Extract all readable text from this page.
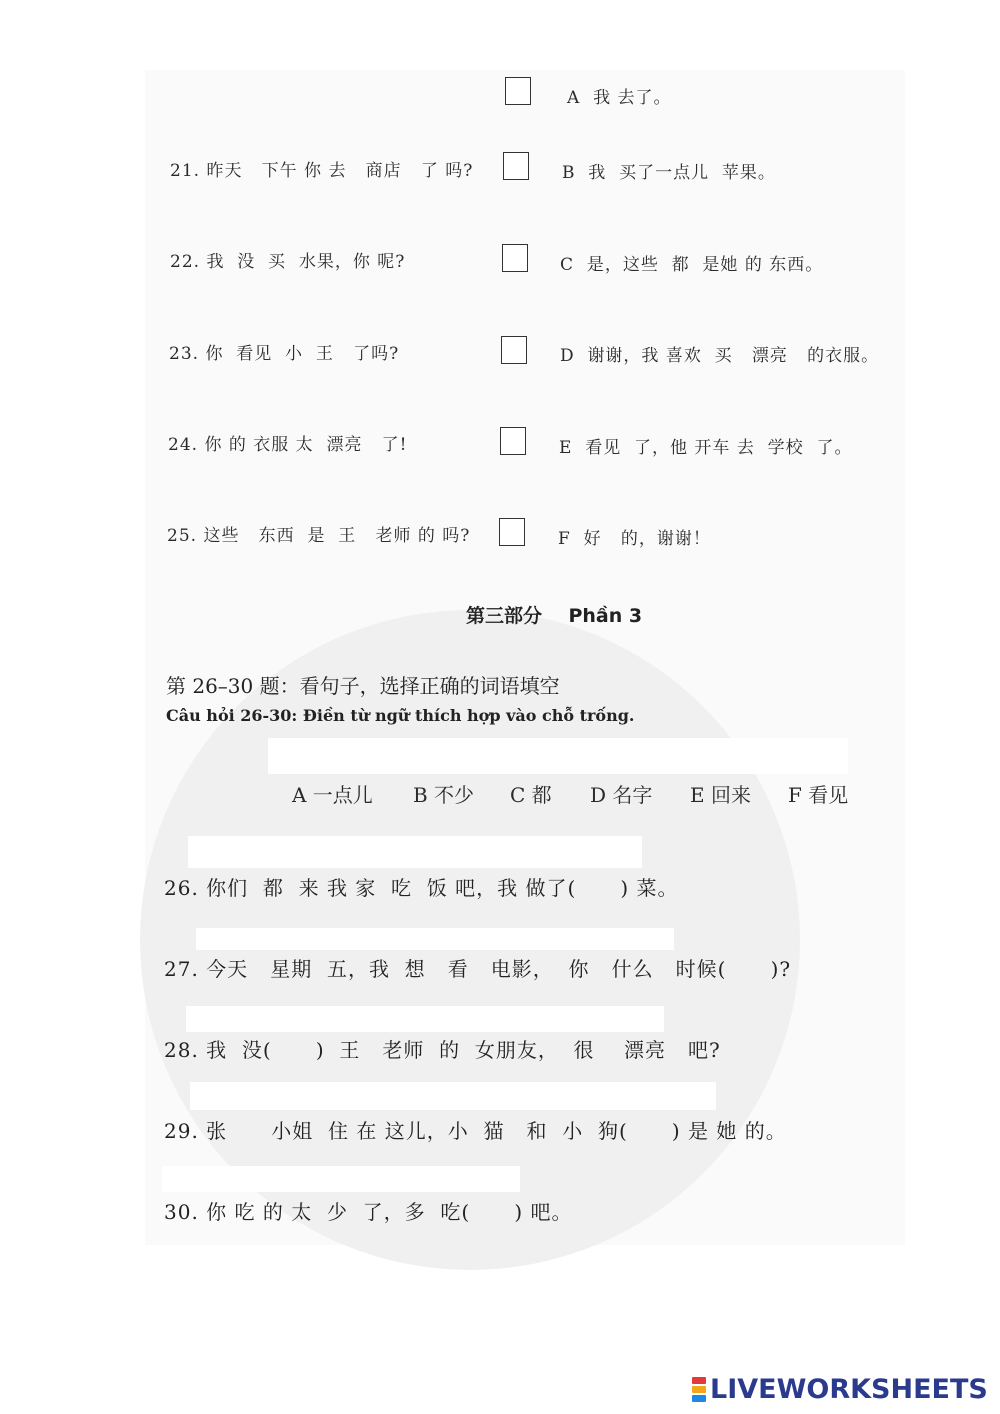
A  我 去了。
21. 昨天   下午 你 去   商店   了 吗?	B  我  买了一点儿  苹果。
22. 我  没  买  水果，你 呢?	C  是，这些  都  是她 的 东西。
23. 你  看见  小  王   了吗?	D  谢谢，我 喜欢  买   漂亮   的衣服。
24. 你 的 衣服 太  漂亮   了!	E  看见  了，他 开车 去  学校  了。
25. 这些   东西  是  王   老师 的 吗?	F  好   的，谢谢！
第三部分    Phần 3
第 26–30 题：看句子，选择正确的词语填空
Câu hỏi 26-30: Điền từ ngữ thích hợp vào chỗ trống.
A 一点儿 B 不少 C 都 D 名字 E 回来 F 看见
26. 你们  都  来 我 家  吃  饭 吧，我 做了(      ) 菜。
27. 今天   星期  五，我  想   看   电影，  你   什么   时候(      )?
28. 我  没(      )  王   老师  的  女朋友，  很    漂亮   吧?
29. 张      小姐  住 在 这儿，小  猫   和  小  狗(      ) 是 她 的。
30. 你 吃 的 太  少  了，多  吃(      ) 吧。
LIVEWORKSHEETS
